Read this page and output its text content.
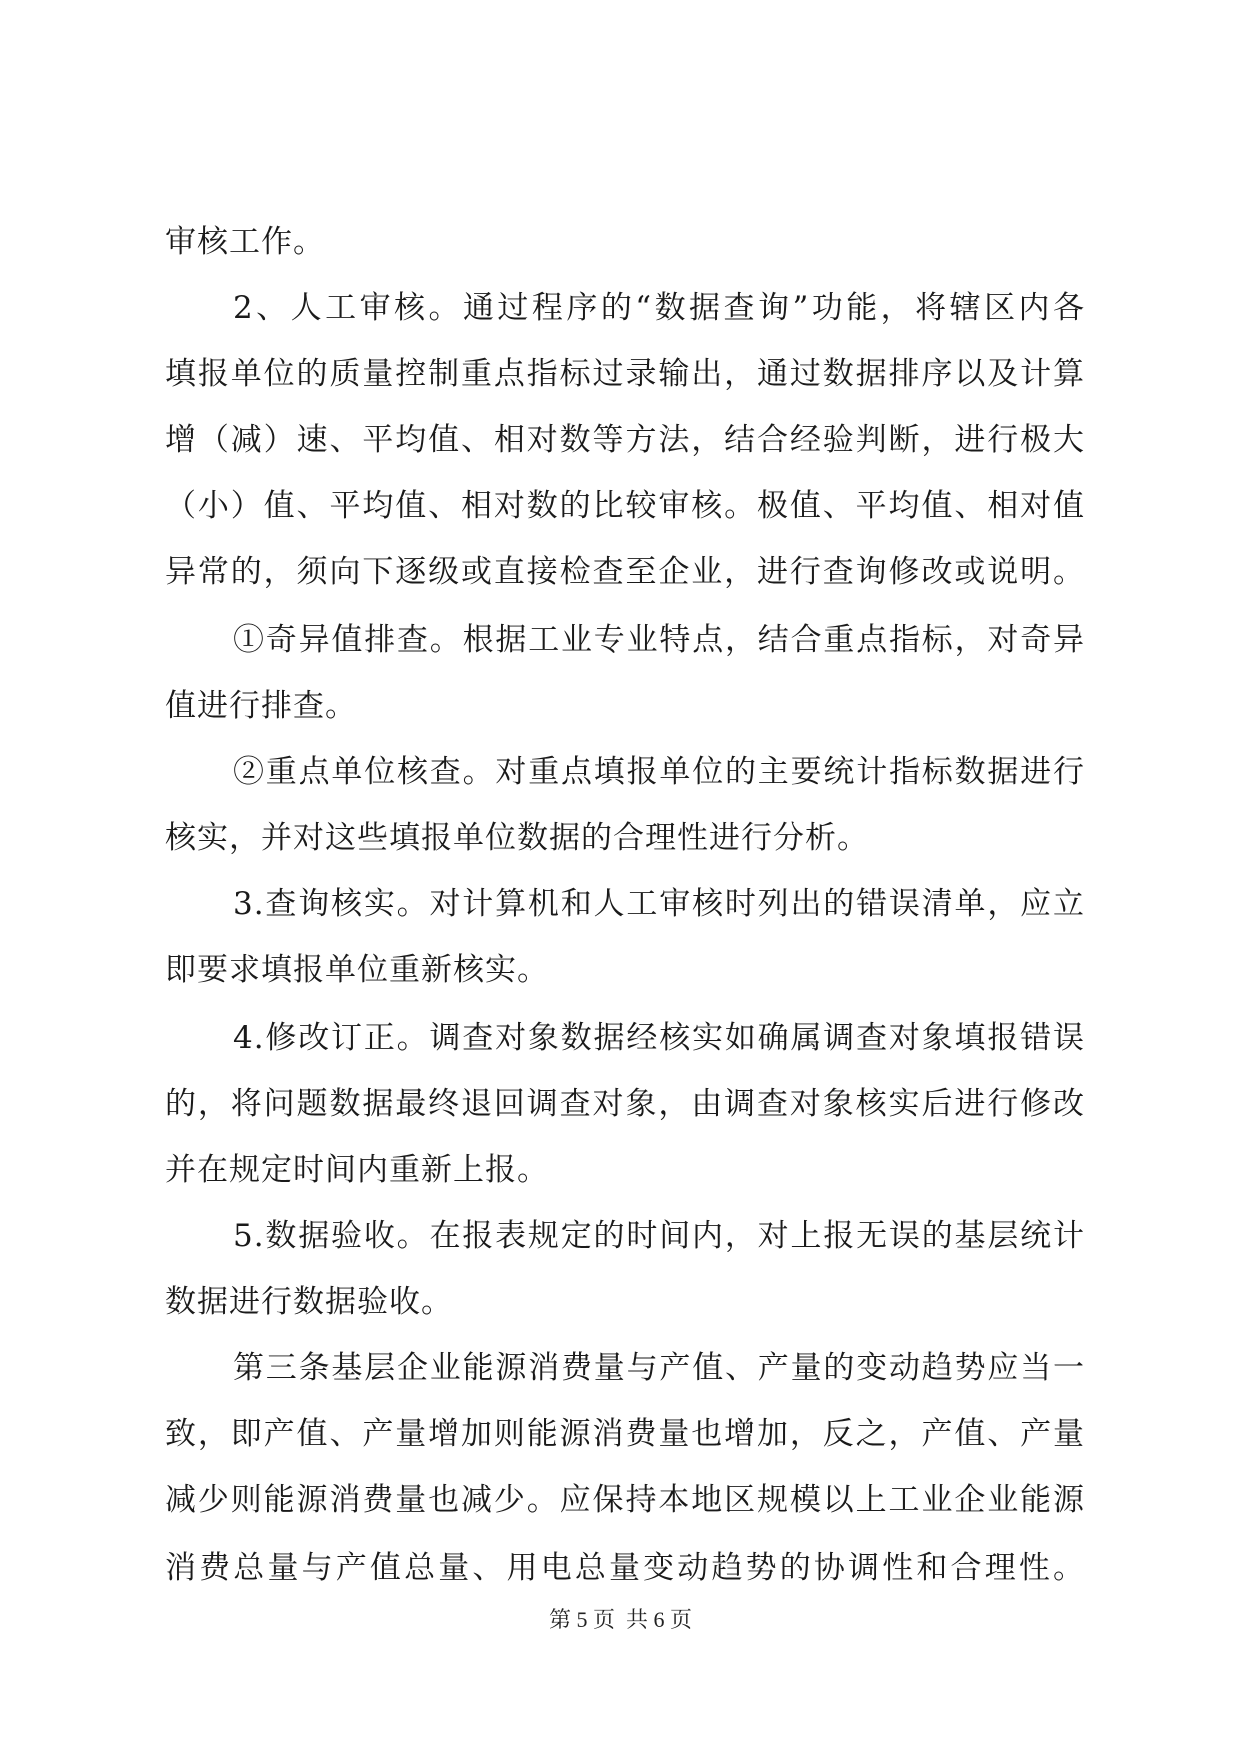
审核工作。
2、人工审核。通过程序的“数据查询”功能，将辖区内各
填报单位的质量控制重点指标过录输出，通过数据排序以及计算
增（减）速、平均值、相对数等方法，结合经验判断，进行极大
（小）值、平均值、相对数的比较审核。极值、平均值、相对值
异常的，须向下逐级或直接检查至企业，进行查询修改或说明。
①奇异值排查。根据工业专业特点，结合重点指标，对奇异
值进行排查。
②重点单位核查。对重点填报单位的主要统计指标数据进行
核实，并对这些填报单位数据的合理性进行分析。
3.查询核实。对计算机和人工审核时列出的错误清单，应立
即要求填报单位重新核实。
4.修改订正。调查对象数据经核实如确属调查对象填报错误
的，将问题数据最终退回调查对象，由调查对象核实后进行修改
并在规定时间内重新上报。
5.数据验收。在报表规定的时间内，对上报无误的基层统计
数据进行数据验收。
第三条基层企业能源消费量与产值、产量的变动趋势应当一
致，即产值、产量增加则能源消费量也增加，反之，产值、产量
减少则能源消费量也减少。应保持本地区规模以上工业企业能源
消费总量与产值总量、用电总量变动趋势的协调性和合理性。
第 5 页  共 6 页
